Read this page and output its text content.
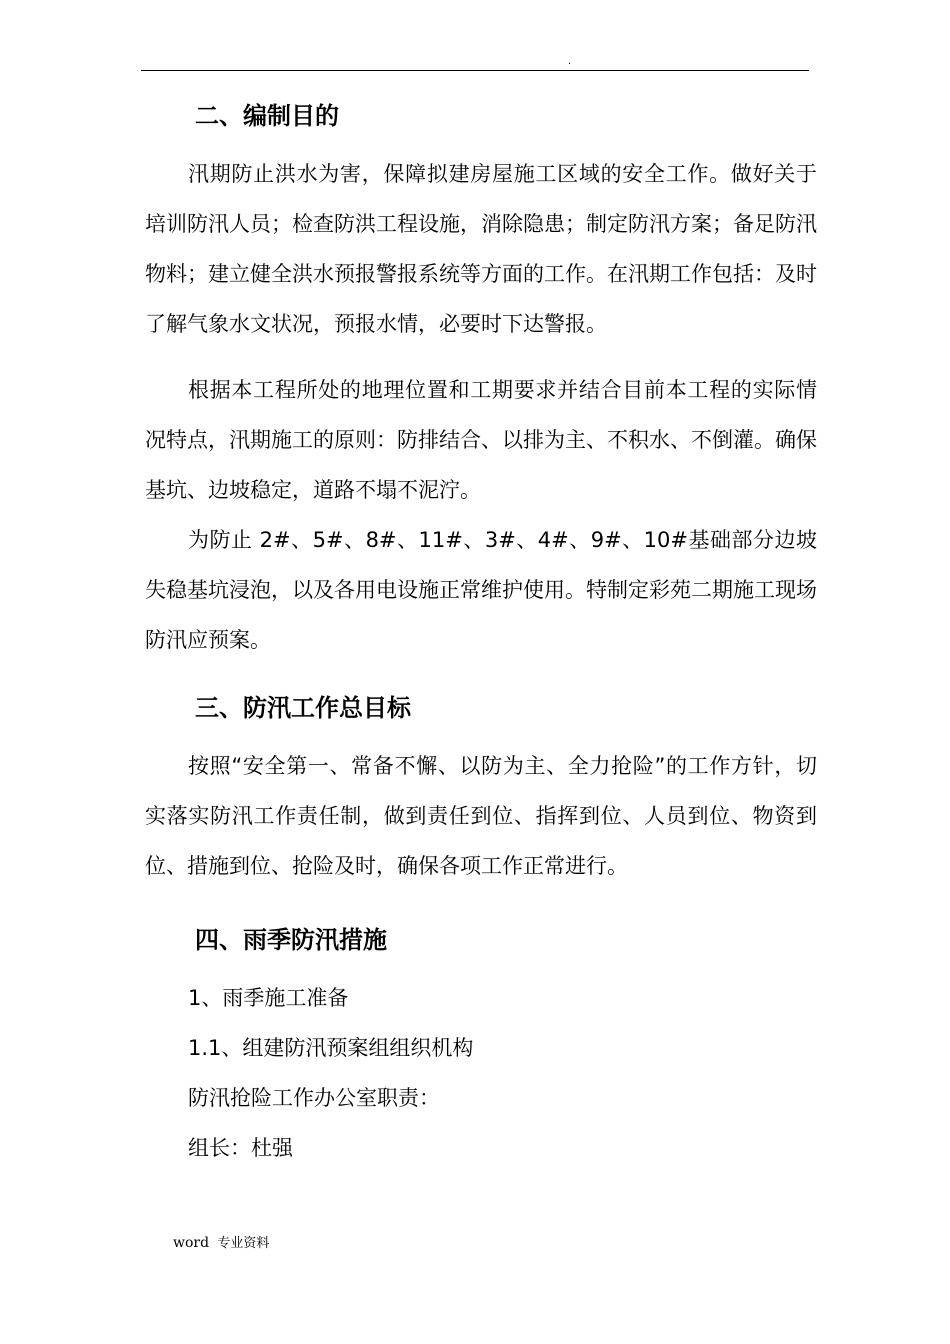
.
二、编制目的

汛期防止洪水为害，保障拟建房屋施工区域的安全工作。做好关于培训防汛人员；检查防洪工程设施，消除隐患；制定防汛方案；备足防汛物料；建立健全洪水预报警报系统等方面的工作。在汛期工作包括：及时了解气象水文状况，预报水情，必要时下达警报。

根据本工程所处的地理位置和工期要求并结合目前本工程的实际情况特点，汛期施工的原则：防排结合、以排为主、不积水、不倒灌。确保基坑、边坡稳定，道路不塌不泥泞。

为防止 2#、5#、8#、11#、3#、4#、9#、10#基础部分边坡失稳基坑浸泡，以及各用电设施正常维护使用。特制定彩苑二期施工现场防汛应预案。

三、防汛工作总目标

按照“安全第一、常备不懈、以防为主、全力抢险”的工作方针，切实落实防汛工作责任制，做到责任到位、指挥到位、人员到位、物资到位、措施到位、抢险及时，确保各项工作正常进行。

四、雨季防汛措施

1、雨季施工准备

1.1、组建防汛预案组组织机构

防汛抢险工作办公室职责：

组长：杜强

word 专业资料
